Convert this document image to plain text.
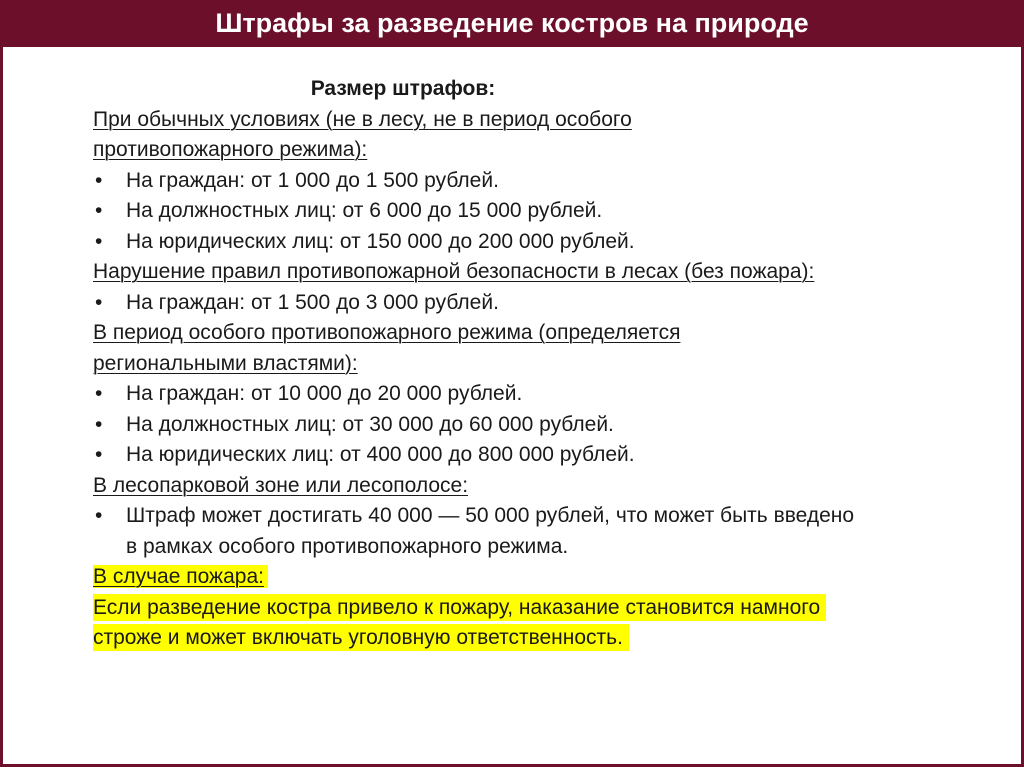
Штрафы за разведение костров на природе
Размер штрафов:
При обычных условиях (не в лесу, не в период особого противопожарного режима):
• На граждан: от 1 000 до 1 500 рублей.
• На должностных лиц: от 6 000 до 15 000 рублей.
• На юридических лиц: от 150 000 до 200 000 рублей.
Нарушение правил противопожарной безопасности в лесах (без пожара):
• На граждан: от 1 500 до 3 000 рублей.
В период особого противопожарного режима (определяется региональными властями):
• На граждан: от 10 000 до 20 000 рублей.
• На должностных лиц: от 30 000 до 60 000 рублей.
• На юридических лиц: от 400 000 до 800 000 рублей.
В лесопарковой зоне или лесополосе:
• Штраф может достигать 40 000 — 50 000 рублей, что может быть введено в рамках особого противопожарного режима.
В случае пожара:
Если разведение костра привело к пожару, наказание становится намного строже и может включать уголовную ответственность.
